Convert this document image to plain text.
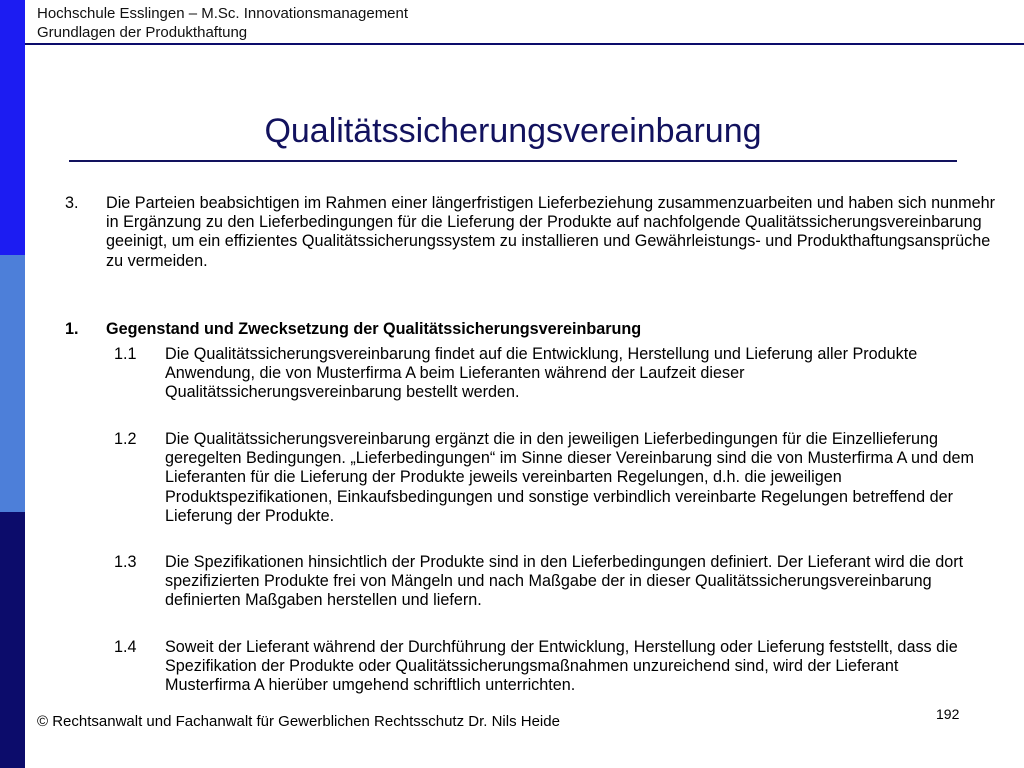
Hochschule Esslingen – M.Sc. Innovationsmanagement
Grundlagen der Produkthaftung
Qualitätssicherungsvereinbarung
3. Die Parteien beabsichtigen im Rahmen einer längerfristigen Lieferbeziehung zusammenzuarbeiten und haben sich nunmehr in Ergänzung zu den Lieferbedingungen für die Lieferung der Produkte auf nachfolgende Qualitätssicherungsvereinbarung geeinigt, um ein effizientes Qualitätssicherungssystem zu installieren und Gewährleistungs- und Produkthaftungsansprüche zu vermeiden.
1. Gegenstand und Zwecksetzung der Qualitätssicherungsvereinbarung
1.1 Die Qualitätssicherungsvereinbarung findet auf die Entwicklung, Herstellung und Lieferung aller Produkte Anwendung, die von Musterfirma A beim Lieferanten während der Laufzeit dieser Qualitätssicherungsvereinbarung bestellt werden.
1.2 Die Qualitätssicherungsvereinbarung ergänzt die in den jeweiligen Lieferbedingungen für die Einzellieferung geregelten Bedingungen. „Lieferbedingungen“ im Sinne dieser Vereinbarung sind die von Musterfirma A und dem Lieferanten für die Lieferung der Produkte jeweils vereinbarten Regelungen, d.h. die jeweiligen Produktspezifikationen, Einkaufsbedingungen und sonstige verbindlich vereinbarte Regelungen betreffend der Lieferung der Produkte.
1.3 Die Spezifikationen hinsichtlich der Produkte sind in den Lieferbedingungen definiert. Der Lieferant wird die dort spezifizierten Produkte frei von Mängeln und nach Maßgabe der in dieser Qualitätssicherungsvereinbarung definierten Maßgaben herstellen und liefern.
1.4 Soweit der Lieferant während der Durchführung der Entwicklung, Herstellung oder Lieferung feststellt, dass die Spezifikation der Produkte oder Qualitätssicherungsmaßnahmen unzureichend sind, wird der Lieferant Musterfirma A hierüber umgehend schriftlich unterrichten.
© Rechtsanwalt und Fachanwalt für Gewerblichen Rechtsschutz Dr. Nils Heide	192
